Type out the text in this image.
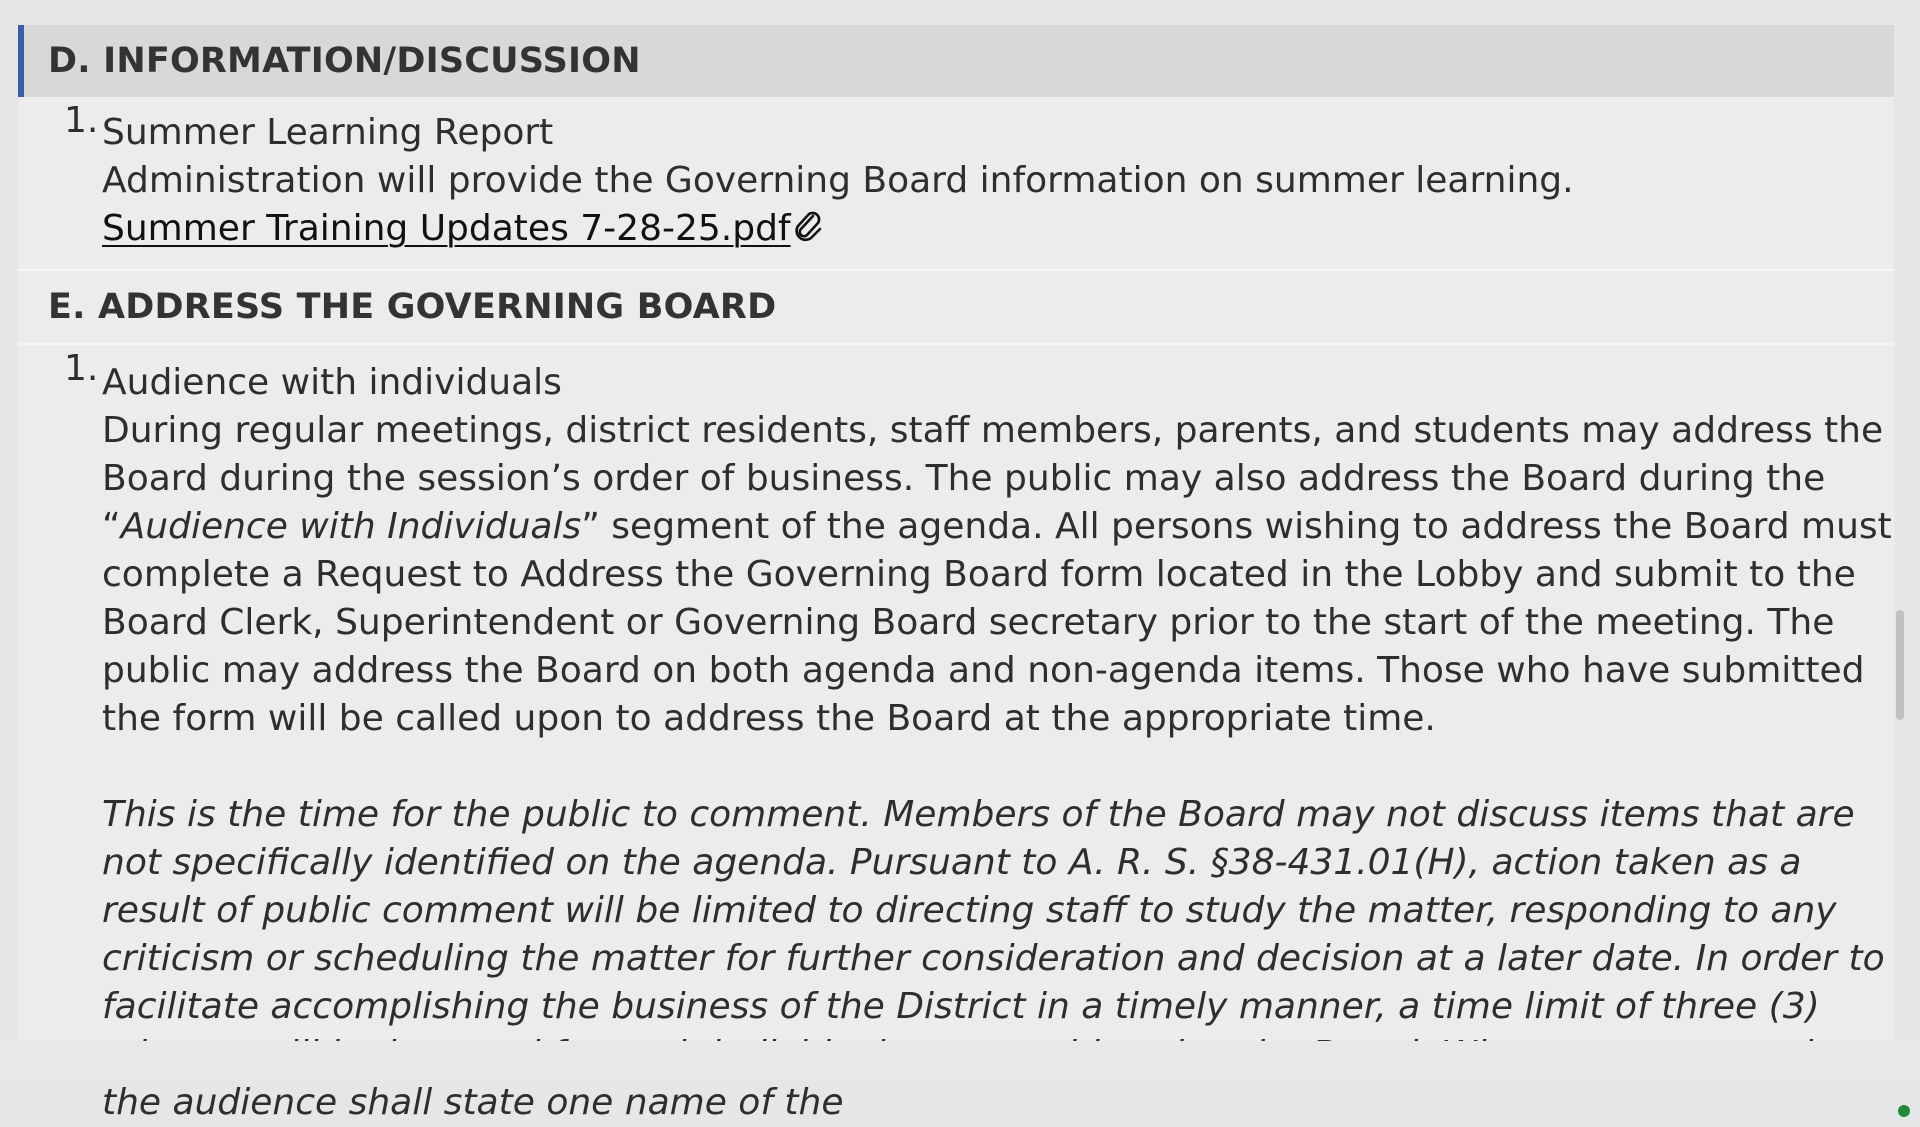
D. INFORMATION/DISCUSSION
1. Summer Learning Report
Administration will provide the Governing Board information on summer learning.
Summer Training Updates 7-28-25.pdf
E. ADDRESS THE GOVERNING BOARD
1. Audience with individuals
During regular meetings, district residents, staff members, parents, and students may address the Board during the session’s order of business. The public may also address the Board during the “Audience with Individuals” segment of the agenda. All persons wishing to address the Board must complete a Request to Address the Governing Board form located in the Lobby and submit to the Board Clerk, Superintendent or Governing Board secretary prior to the start of the meeting. The public may address the Board on both agenda and non-agenda items. Those who have submitted the form will be called upon to address the Board at the appropriate time.
This is the time for the public to comment. Members of the Board may not discuss items that are not specifically identified on the agenda. Pursuant to A. R. S. §38-431.01(H), action taken as a result of public comment will be limited to directing staff to study the matter, responding to any criticism or scheduling the matter for further consideration and decision at a later date. In order to facilitate accomplishing the business of the District in a timely manner, a time limit of three (3) the audience shall state one name of the
